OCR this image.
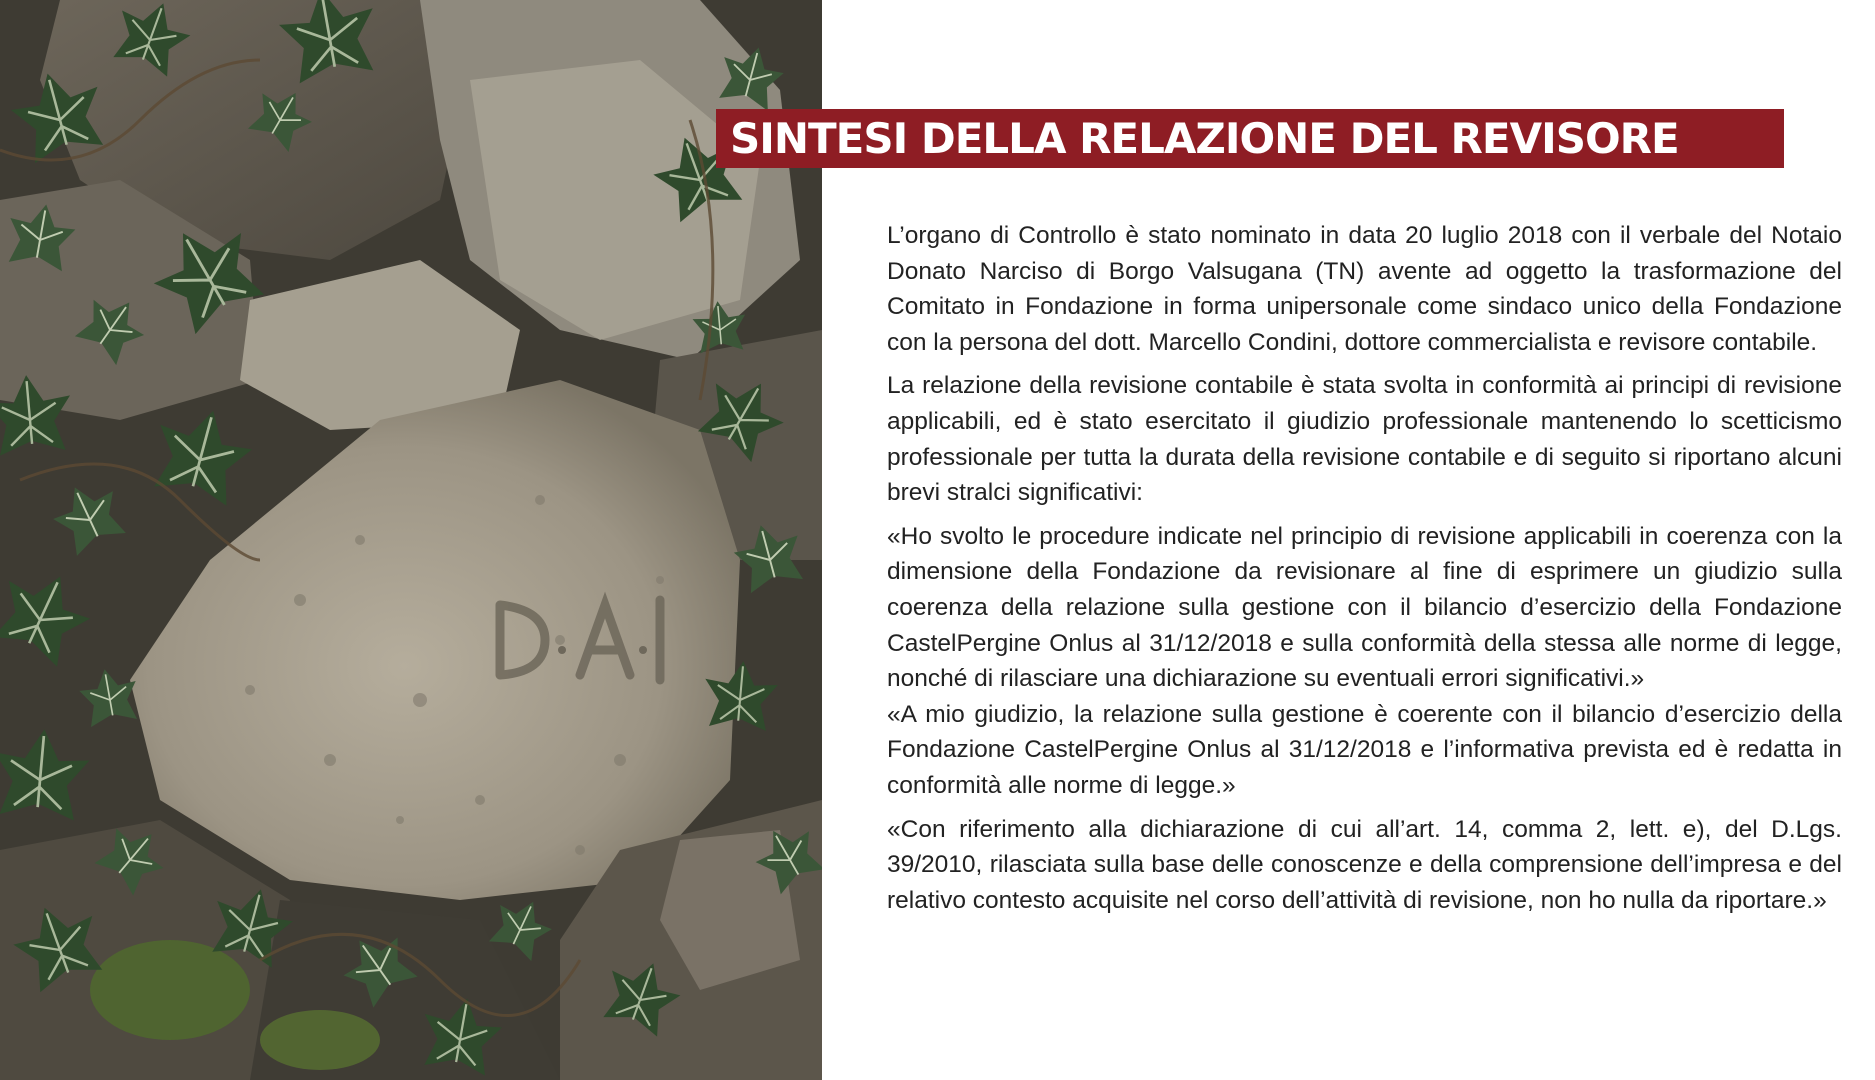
SINTESI DELLA RELAZIONE DEL REVISORE

L’organo di Controllo è stato nominato in data 20 luglio 2018 con il verbale del Notaio Donato Narciso di Borgo Valsugana (TN) avente ad oggetto la trasformazione del Comitato in Fondazione in forma unipersonale come sindaco unico della Fondazione con la persona del dott. Marcello Condini, dottore commercialista e revisore contabile.

La relazione della revisione contabile è stata svolta in conformità ai principi di revisione applicabili, ed è stato esercitato il giudizio professionale mantenendo lo scetticismo professionale per tutta la durata della revisione contabile e di seguito si riportano alcuni brevi stralci significativi:

«Ho svolto le procedure indicate nel principio di revisione applicabili in coerenza con la dimensione della Fondazione da revisionare al fine di esprimere un giudizio sulla coerenza della relazione sulla gestione con il bilancio d’esercizio della Fondazione CastelPergine Onlus al 31/12/2018 e sulla conformità della stessa alle norme di legge, nonché di rilasciare una dichiarazione su eventuali errori significativi.»

«A mio giudizio, la relazione sulla gestione è coerente con il bilancio d’esercizio della Fondazione CastelPergine Onlus al 31/12/2018 e l’informativa prevista ed è redatta in conformità alle norme di legge.»

«Con riferimento alla dichiarazione di cui all’art. 14, comma 2, lett. e), del D.Lgs. 39/2010, rilasciata sulla base delle conoscenze e della comprensione dell’impresa e del relativo contesto acquisite nel corso dell’attività di revisione, non ho nulla da riportare.»
